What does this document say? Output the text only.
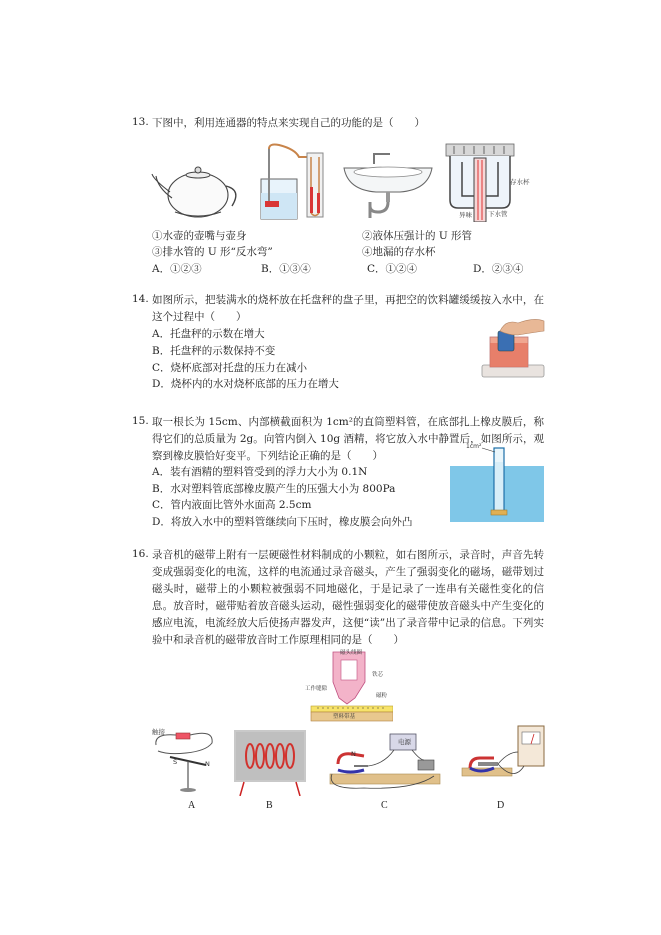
13. 下图中，利用连通器的特点来实现自己的功能的是（　　）
存水杯
异味 下水管
①水壶的壶嘴与壶身	②液体压强计的 U 形管
③排水管的 U 形“反水弯”	④地漏的存水杯
A．①②③	B．①③④	C．①②④	D．②③④
14. 如图所示，把装满水的烧杯放在托盘秤的盘子里，再把空的饮料罐缓缓按入水中，在这个过程中（　　）
A．托盘秤的示数在增大
B．托盘秤的示数保持不变
C．烧杯底部对托盘的压力在减小
D．烧杯内的水对烧杯底部的压力在增大
15. 取一根长为 15cm、内部横截面积为 1cm²的直筒塑料管，在底部扎上橡皮膜后，称得它们的总质量为 2g。向管内倒入 10g 酒精，将它放入水中静置后，如图所示，观察到橡皮膜恰好变平。下列结论正确的是（　　）
A．装有酒精的塑料管受到的浮力大小为 0.1N
B．水对塑料管底部橡皮膜产生的压强大小为 800Pa
C．管内液面比管外水面高 2.5cm
D．将放入水中的塑料管继续向下压时，橡皮膜会向外凸
1cm²
16. 录音机的磁带上附有一层硬磁性材料制成的小颗粒，如右图所示，录音时，声音先转变成强弱变化的电流，这样的电流通过录音磁头，产生了强弱变化的磁场，磁带划过磁头时，磁带上的小颗粒被强弱不同地磁化，于是记录了一连串有关磁性变化的信息。放音时，磁带贴着放音磁头运动，磁性强弱变化的磁带使放音磁头中产生变化的感应电流，电流经放大后使扬声器发声，这便“读”出了录音带中记录的信息。下列实验中和录音机的磁带放音时工作原理相同的是（　　）
磁头线圈
铁芯
工作缝隙
磁粉
塑料带基
触接
S	N
电源
N
A	B	C	D
